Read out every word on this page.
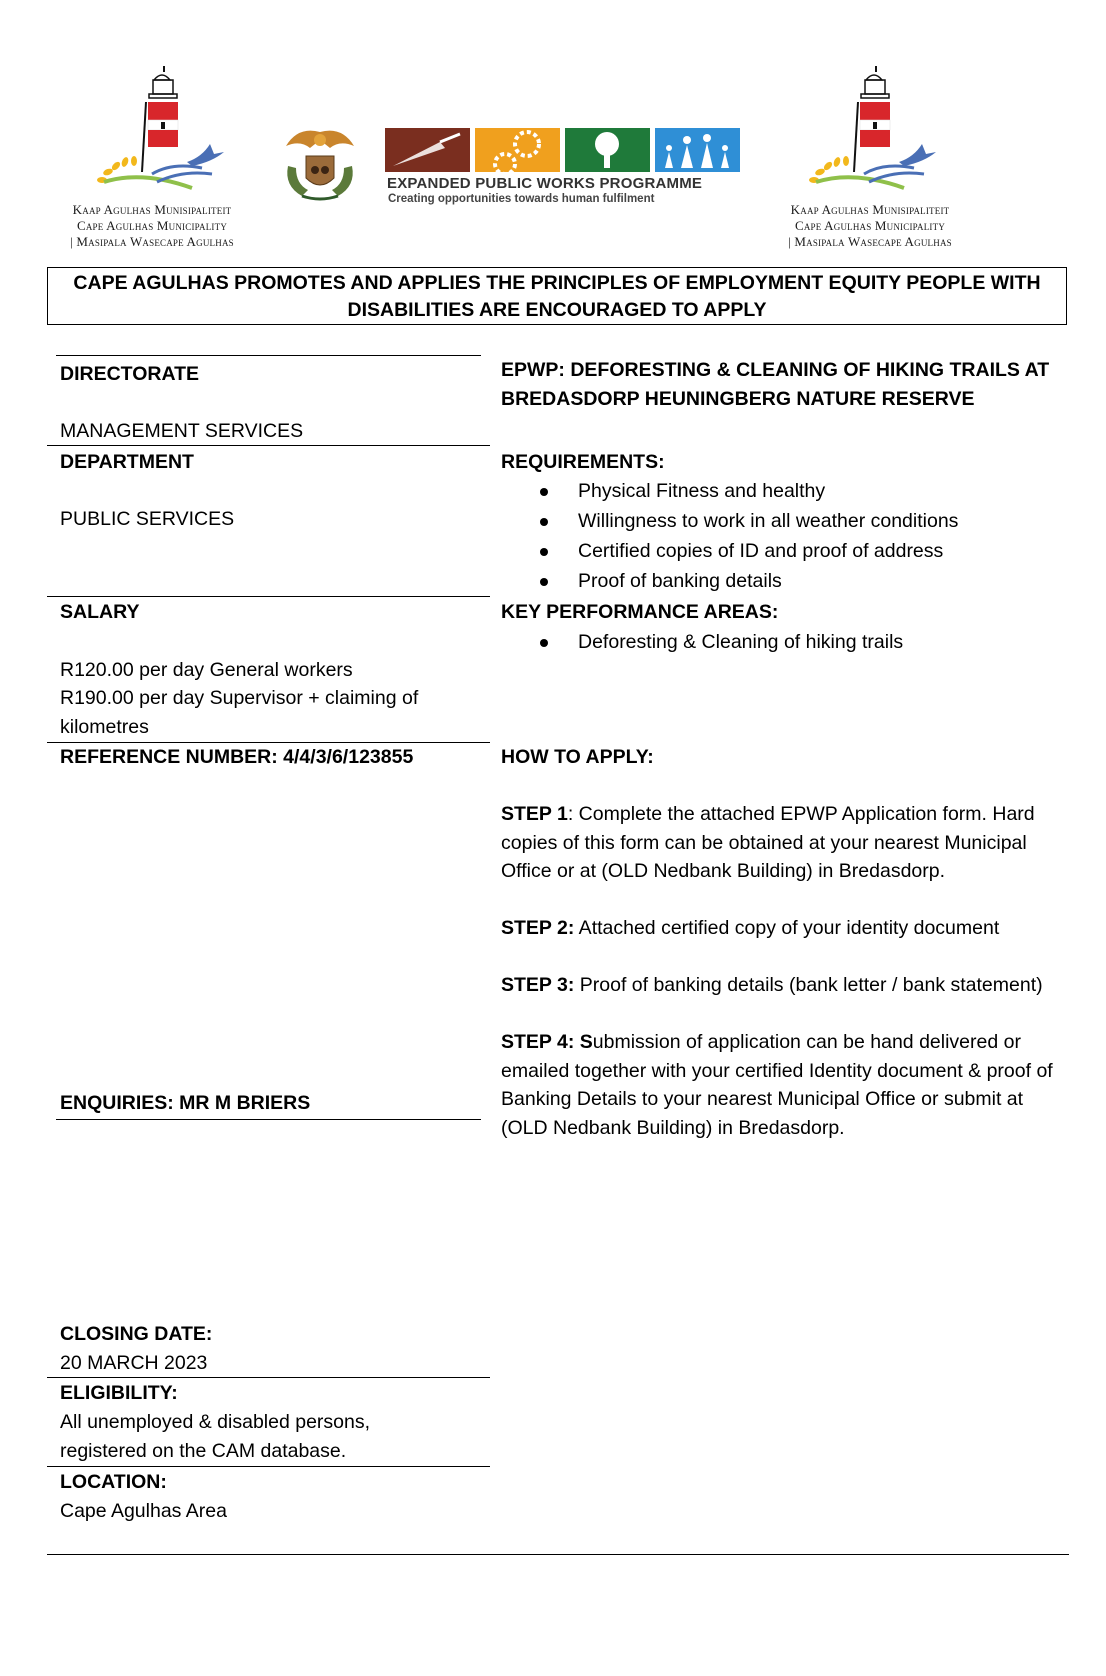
Kaap Agulhas Munisipaliteit
Cape Agulhas Municipality
| Masipala Wasecape Agulhas
EXPANDED PUBLIC WORKS PROGRAMME
Creating opportunities towards human fulfilment
Kaap Agulhas Munisipaliteit
Cape Agulhas Municipality
| Masipala Wasecape Agulhas
CAPE AGULHAS PROMOTES AND APPLIES THE PRINCIPLES OF EMPLOYMENT EQUITY PEOPLE WITH
DISABILITIES ARE ENCOURAGED TO APPLY
DIRECTORATE
MANAGEMENT SERVICES
DEPARTMENT
PUBLIC SERVICES
SALARY
R120.00 per day General workers
R190.00 per day Supervisor + claiming of
kilometres
REFERENCE NUMBER: 4/4/3/6/123855
ENQUIRIES: MR M BRIERS
CLOSING DATE:
20 MARCH 2023
ELIGIBILITY:
All unemployed & disabled persons,
registered on the CAM database.
LOCATION:
Cape Agulhas Area
EPWP: DEFORESTING & CLEANING OF HIKING TRAILS AT
BREDASDORP HEUNINGBERG NATURE RESERVE
REQUIREMENTS:
Physical Fitness and healthy
Willingness to work in all weather conditions
Certified copies of ID and proof of address
Proof of banking details
KEY PERFORMANCE AREAS:
Deforesting & Cleaning of hiking trails
HOW TO APPLY:

STEP 1: Complete the attached EPWP Application form. Hard copies of this form can be obtained at your nearest Municipal Office or at (OLD Nedbank Building) in Bredasdorp.

STEP 2: Attached certified copy of your identity document

STEP 3: Proof of banking details (bank letter / bank statement)

STEP 4: Submission of application can be hand delivered or emailed together with your certified Identity document & proof of Banking Details to your nearest Municipal Office or submit at (OLD Nedbank Building) in Bredasdorp.
